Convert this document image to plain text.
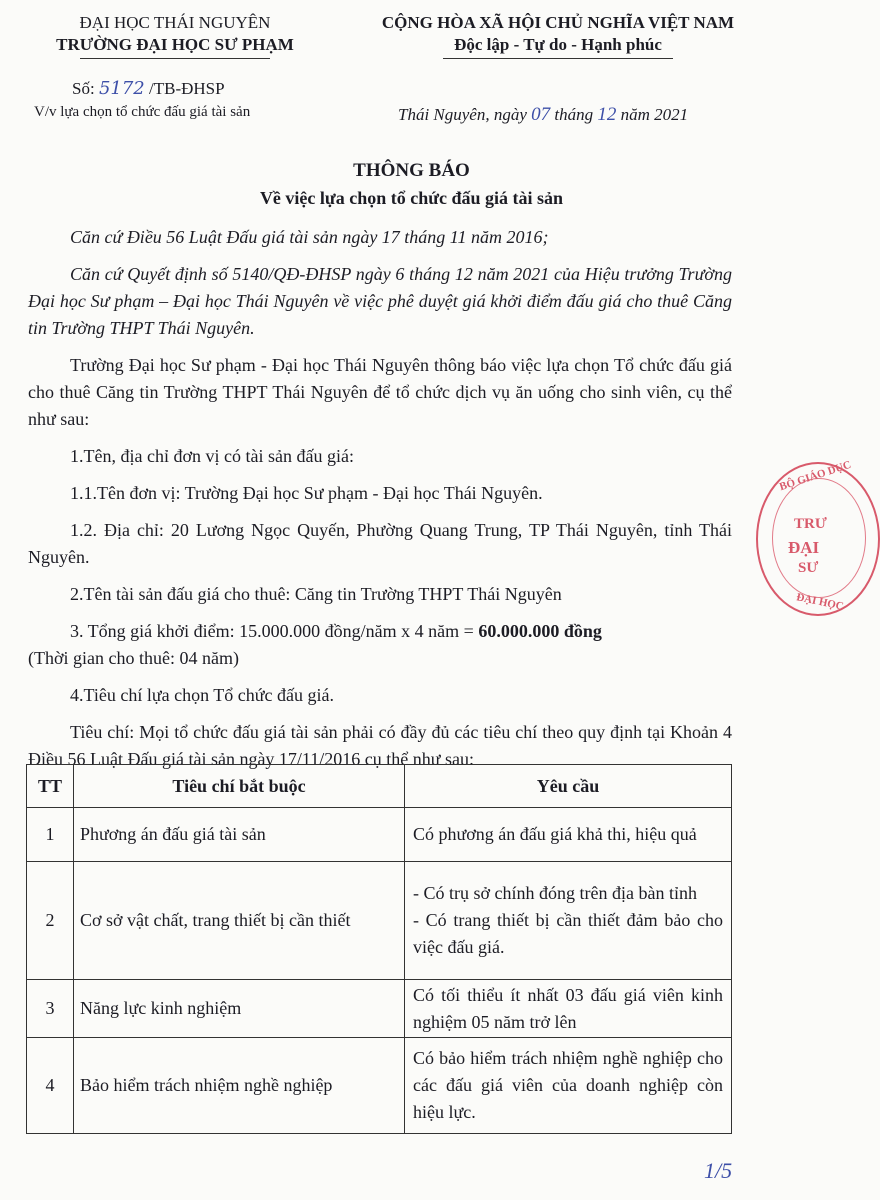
ĐẠI HỌC THÁI NGUYÊN
TRƯỜNG ĐẠI HỌC SƯ PHẠM
CỘNG HÒA XÃ HỘI CHỦ NGHĨA VIỆT NAM
Độc lập - Tự do - Hạnh phúc
Số: 5172 /TB-ĐHSP
V/v lựa chọn tổ chức đấu giá tài sản	Thái Nguyên, ngày 07 tháng 12 năm 2021
THÔNG BÁO
Về việc lựa chọn tổ chức đấu giá tài sản

Căn cứ Điều 56 Luật Đấu giá tài sản ngày 17 tháng 11 năm 2016;

Căn cứ Quyết định số 5140/QĐ-ĐHSP ngày 6 tháng 12 năm 2021 của Hiệu trưởng Trường Đại học Sư phạm – Đại học Thái Nguyên về việc phê duyệt giá khởi điểm đấu giá cho thuê Căng tin Trường THPT Thái Nguyên.

Trường Đại học Sư phạm - Đại học Thái Nguyên thông báo việc lựa chọn Tổ chức đấu giá cho thuê Căng tin Trường THPT Thái Nguyên để tổ chức dịch vụ ăn uống cho sinh viên, cụ thể như sau:

1.Tên, địa chỉ đơn vị có tài sản đấu giá:

1.1.Tên đơn vị: Trường Đại học Sư phạm - Đại học Thái Nguyên.

1.2. Địa chỉ: 20 Lương Ngọc Quyến, Phường Quang Trung, TP Thái Nguyên, tỉnh Thái Nguyên.

2.Tên tài sản đấu giá cho thuê: Căng tin Trường THPT Thái Nguyên

3. Tổng giá khởi điểm: 15.000.000 đồng/năm x 4 năm = 60.000.000 đồng
(Thời gian cho thuê: 04 năm)

4.Tiêu chí lựa chọn Tổ chức đấu giá.

Tiêu chí: Mọi tổ chức đấu giá tài sản phải có đầy đủ các tiêu chí theo quy định tại Khoản 4 Điều 56 Luật Đấu giá tài sản ngày 17/11/2016 cụ thể như sau:

TT	Tiêu chí bắt buộc	Yêu cầu
1	Phương án đấu giá tài sản	Có phương án đấu giá khả thi, hiệu quả
2	Cơ sở vật chất, trang thiết bị cần thiết	- Có trụ sở chính đóng trên địa bàn tỉnh
- Có trang thiết bị cần thiết đảm bảo cho việc đấu giá.

3	Năng lực kinh nghiệm	Có tối thiểu ít nhất 03 đấu giá viên kinh nghiệm 05 năm trở lên
4	Bảo hiểm trách nhiệm nghề nghiệp	Có bảo hiểm trách nhiệm nghề nghiệp cho các đấu giá viên của doanh nghiệp còn hiệu lực.
BỘ GIÁO DỤC
TRƯ
ĐẠI
SƯ
ĐẠI HỌC
1/5
